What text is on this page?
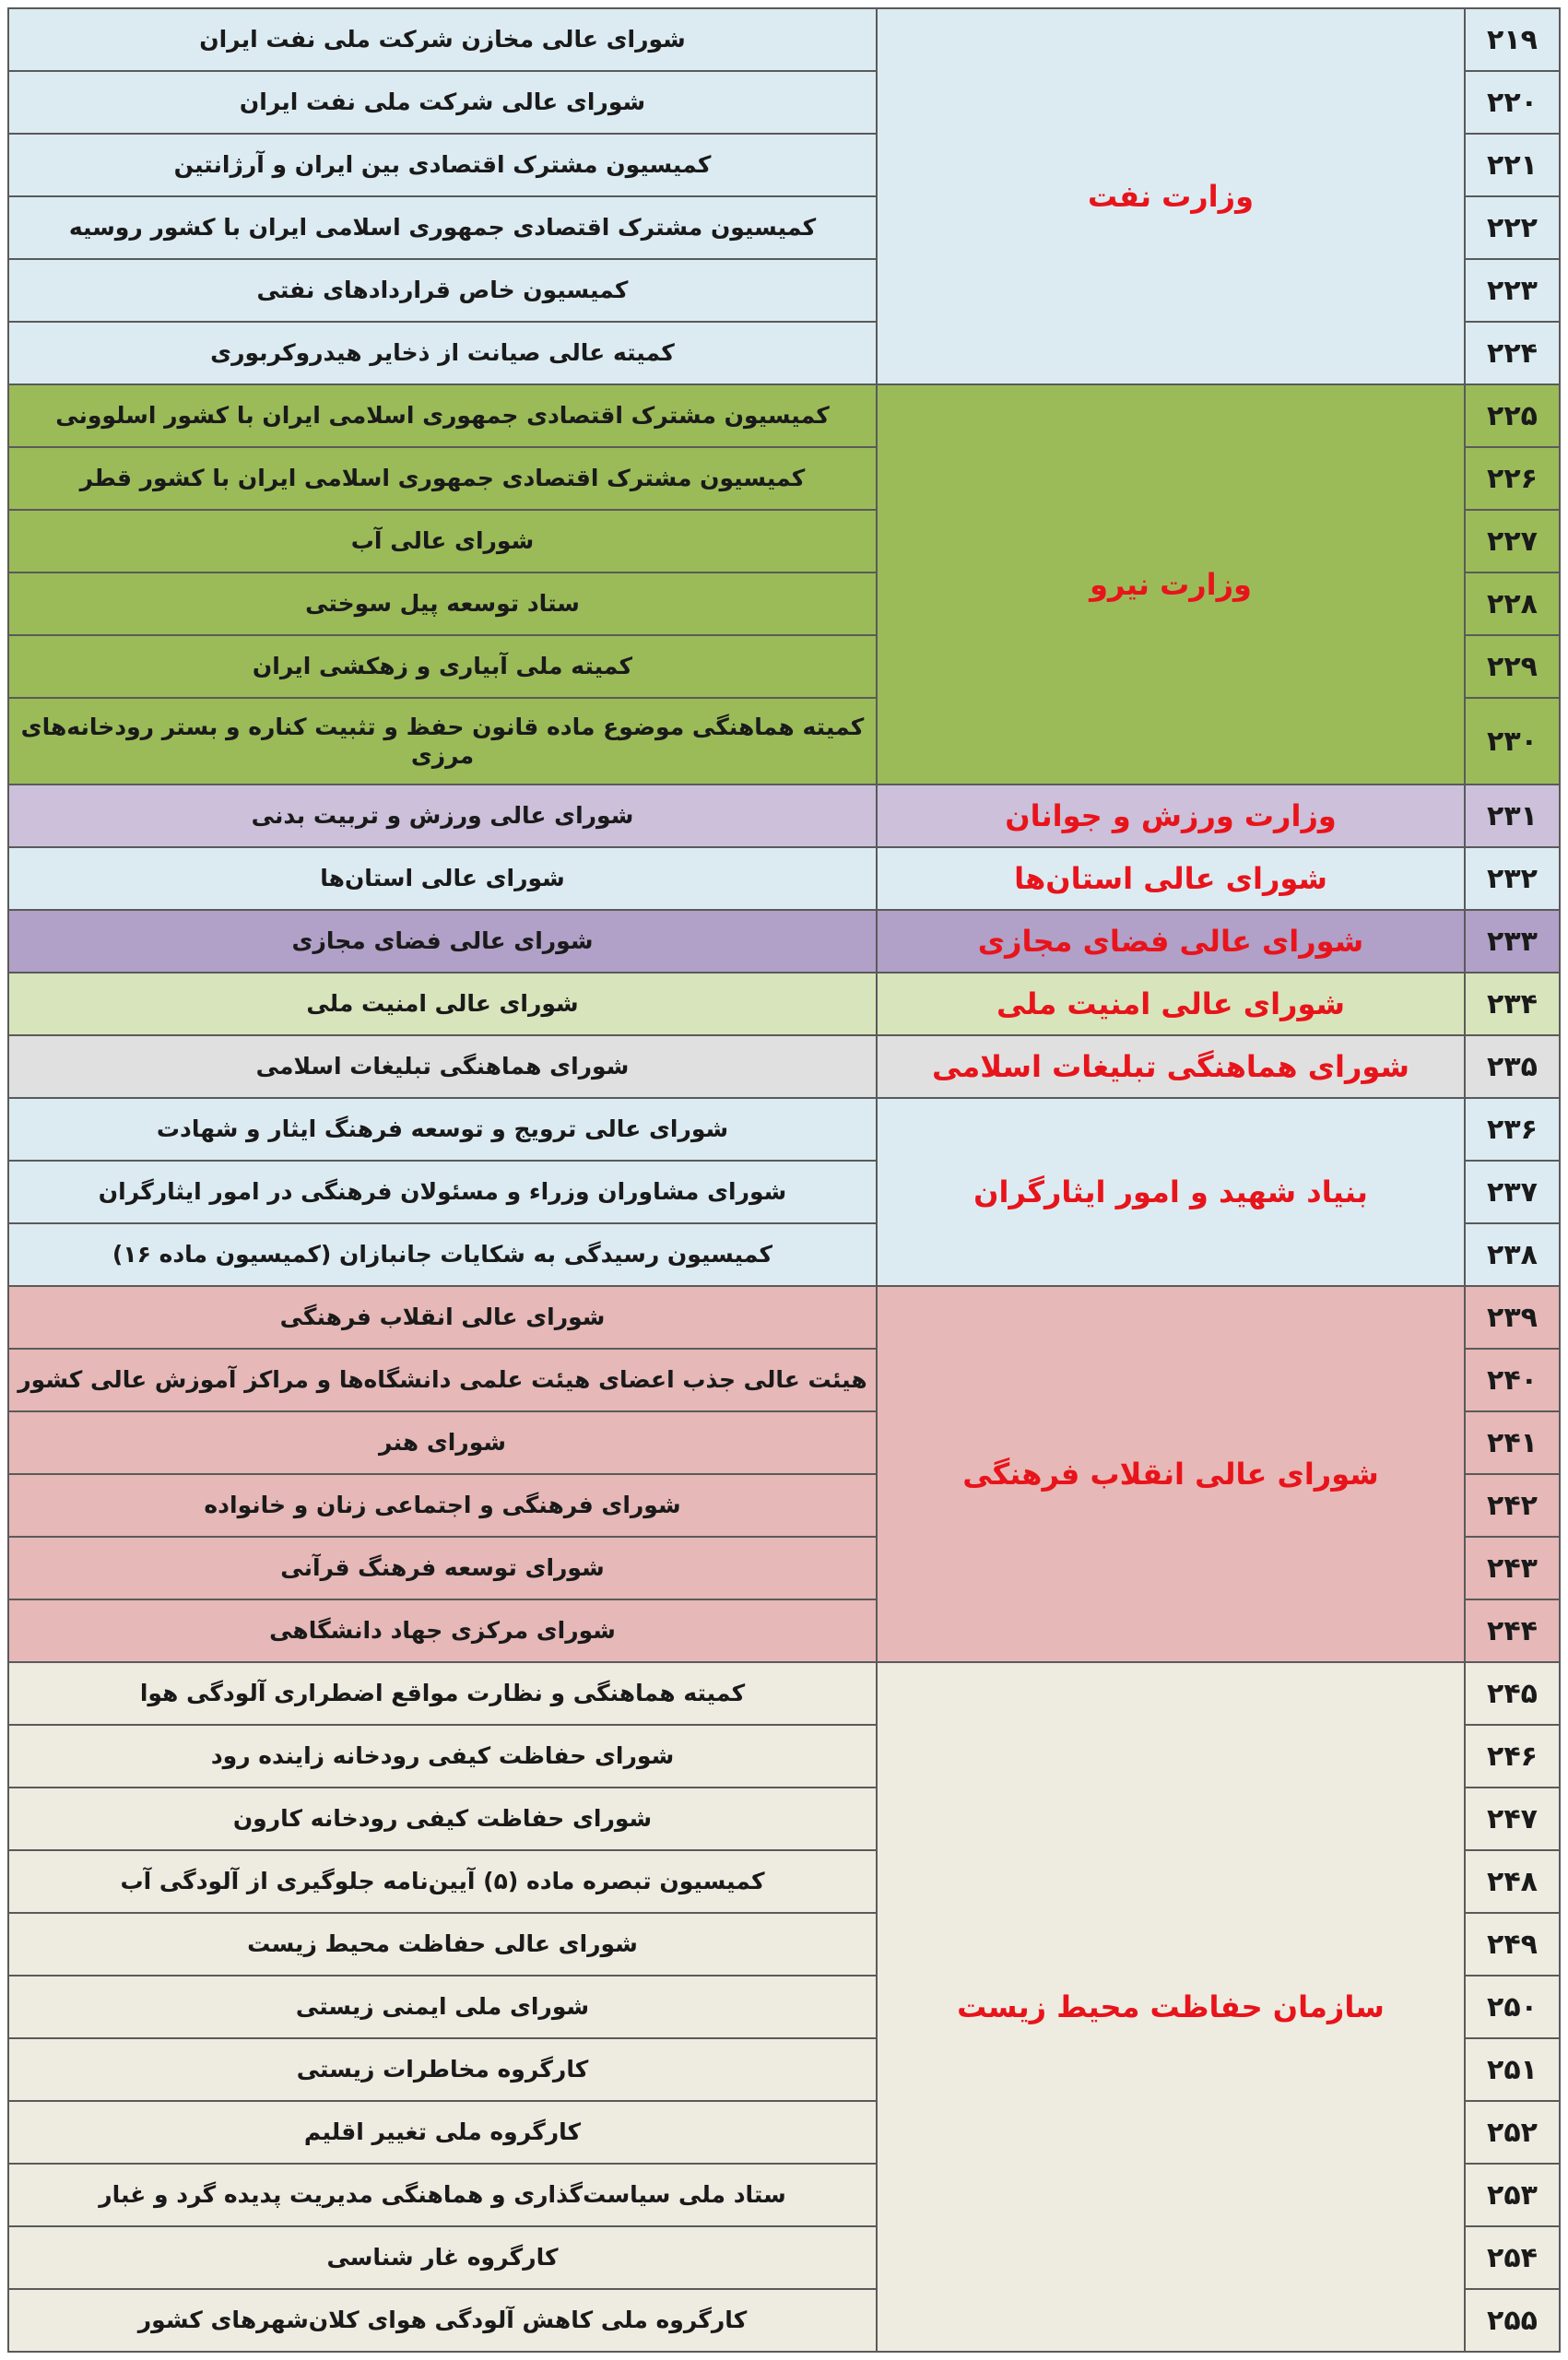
۲۱۹	وزارت نفت	شورای عالی مخازن شرکت ملی نفت ایران
۲۲۰		شورای عالی شرکت ملی نفت ایران
۲۲۱		کمیسیون مشترک اقتصادی بین ایران و آرژانتین
۲۲۲		کمیسیون مشترک اقتصادی جمهوری اسلامی ایران با کشور روسیه
۲۲۳		کمیسیون خاص قراردادهای نفتی
۲۲۴		کمیته عالی صیانت از ذخایر هیدروکربوری
۲۲۵	وزارت نیرو	کمیسیون مشترک اقتصادی جمهوری اسلامی ایران با کشور اسلوونی
۲۲۶		کمیسیون مشترک اقتصادی جمهوری اسلامی ایران با کشور قطر
۲۲۷		شورای عالی آب
۲۲۸		ستاد توسعه پیل سوختی
۲۲۹		کمیته ملی آبیاری و زهکشی ایران
۲۳۰		کمیته هماهنگی موضوع ماده قانون حفظ و تثبیت کناره و بستر رودخانه‌های مرزی
۲۳۱	وزارت ورزش و جوانان	شورای عالی ورزش و تربیت بدنی
۲۳۲	شورای عالی استان‌ها	شورای عالی استان‌ها
۲۳۳	شورای عالی فضای مجازی	شورای عالی فضای مجازی
۲۳۴	شورای عالی امنیت ملی	شورای عالی امنیت ملی
۲۳۵	شورای هماهنگی تبلیغات اسلامی	شورای هماهنگی تبلیغات اسلامی
۲۳۶	بنیاد شهید و امور ایثارگران	شورای عالی ترویج و توسعه فرهنگ ایثار و شهادت
۲۳۷		شورای مشاوران وزراء و مسئولان فرهنگی در امور ایثارگران
۲۳۸		کمیسیون رسیدگی به شکایات جانبازان (کمیسیون ماده ۱۶)
۲۳۹	شورای عالی انقلاب فرهنگی	شورای عالی انقلاب فرهنگی
۲۴۰		هیئت عالی جذب اعضای هیئت علمی دانشگاه‌ها و مراکز آموزش عالی کشور
۲۴۱		شورای هنر
۲۴۲		شورای فرهنگی و اجتماعی زنان و خانواده
۲۴۳		شورای توسعه فرهنگ قرآنی
۲۴۴		شورای مرکزی جهاد دانشگاهی
۲۴۵	سازمان حفاظت محیط زیست	کمیته هماهنگی و نظارت مواقع اضطراری آلودگی هوا
۲۴۶		شورای حفاظت کیفی رودخانه زاینده رود
۲۴۷		شورای حفاظت کیفی رودخانه کارون
۲۴۸		کمیسیون تبصره ماده (۵) آیین‌نامه جلوگیری از آلودگی آب
۲۴۹		شورای عالی حفاظت محیط زیست
۲۵۰		شورای ملی ایمنی زیستی
۲۵۱		کارگروه مخاطرات زیستی
۲۵۲		کارگروه ملی تغییر اقلیم
۲۵۳		ستاد ملی سیاست‌گذاری و هماهنگی مدیریت پدیده گرد و غبار
۲۵۴		کارگروه غار شناسی
۲۵۵		کارگروه ملی کاهش آلودگی هوای کلان‌شهرهای کشور
